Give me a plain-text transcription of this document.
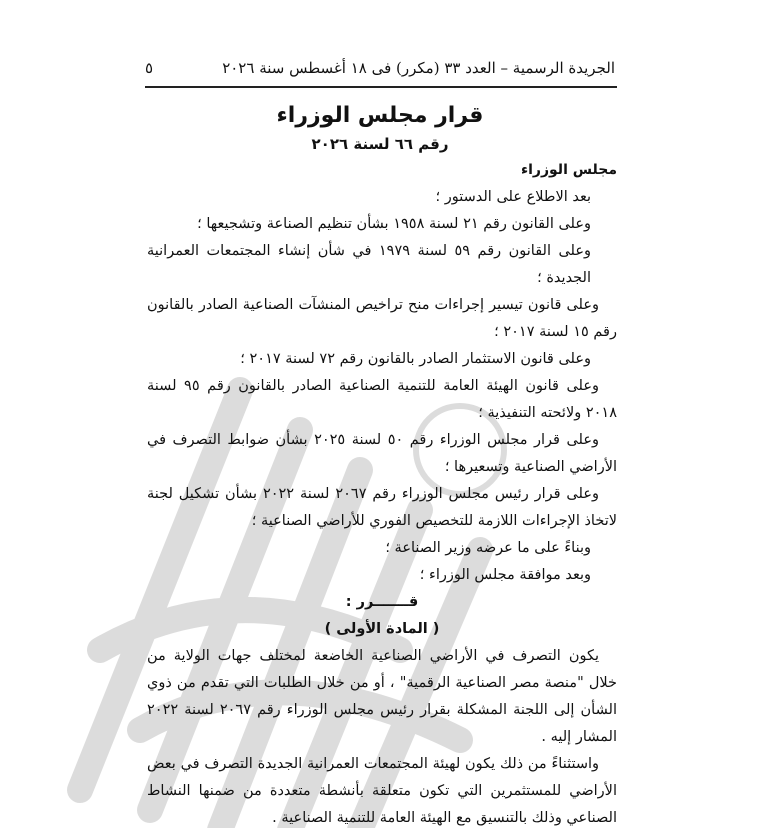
الجريدة الرسمية – العدد ٣٣ (مكرر) فى ١٨ أغسطس سنة ٢٠٢٦
٥
قرار مجلس الوزراء
رقم ٦٦ لسنة ٢٠٢٦

مجلس الوزراء

بعد الاطلاع على الدستور ؛

وعلى القانون رقم ٢١ لسنة ١٩٥٨ بشأن تنظيم الصناعة وتشجيعها ؛

وعلى القانون رقم ٥٩ لسنة ١٩٧٩ في شأن إنشاء المجتمعات العمرانية الجديدة ؛

وعلى قانون تيسير إجراءات منح تراخيص المنشآت الصناعية الصادر بالقانون رقم ١٥ لسنة ٢٠١٧ ؛

وعلى قانون الاستثمار الصادر بالقانون رقم ٧٢ لسنة ٢٠١٧ ؛

وعلى قانون الهيئة العامة للتنمية الصناعية الصادر بالقانون رقم ٩٥ لسنة ٢٠١٨ ولائحته التنفيذية ؛

وعلى قرار مجلس الوزراء رقم ٥٠ لسنة ٢٠٢٥ بشأن ضوابط التصرف في الأراضي الصناعية وتسعيرها ؛

وعلى قرار رئيس مجلس الوزراء رقم ٢٠٦٧ لسنة ٢٠٢٢ بشأن تشكيل لجنة لاتخاذ الإجراءات اللازمة للتخصيص الفوري للأراضي الصناعية ؛

وبناءً على ما عرضه وزير الصناعة ؛

وبعد موافقة مجلس الوزراء ؛

قـــــــرر :

( المادة الأولى )

يكون التصرف في الأراضي الصناعية الخاضعة لمختلف جهات الولاية من خلال "منصة مصر الصناعية الرقمية" ، أو من خلال الطلبات التي تقدم من ذوي الشأن إلى اللجنة المشكلة بقرار رئيس مجلس الوزراء رقم ٢٠٦٧ لسنة ٢٠٢٢ المشار إليه .

واستثناءً من ذلك يكون لهيئة المجتمعات العمرانية الجديدة التصرف في بعض الأراضي للمستثمرين التي تكون متعلقة بأنشطة متعددة من ضمنها النشاط الصناعي وذلك بالتنسيق مع الهيئة العامة للتنمية الصناعية .
